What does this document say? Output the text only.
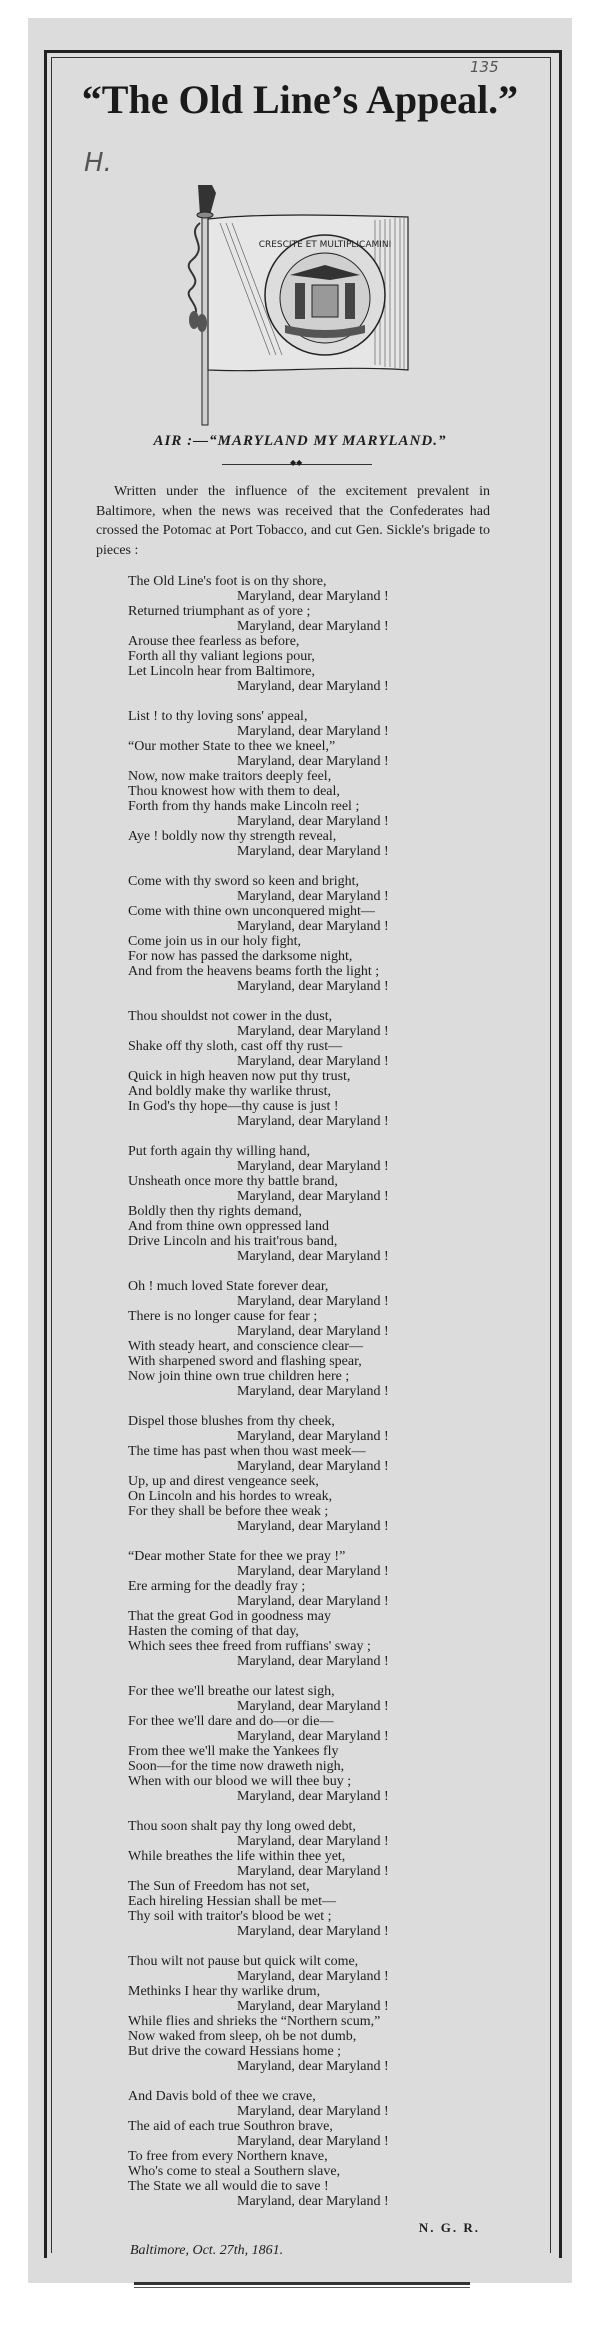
135
H.
“The Old Line’s Appeal.”
CRESCITE ET MULTIPLICAMINI
AIR :—“MARYLAND MY MARYLAND.”
◆◆

Written under the influence of the excitement prevalent in Baltimore, when the news was received that the Confederates had crossed the Potomac at Port Tobacco, and cut Gen. Sickle's brigade to pieces :

The Old Line's foot is on thy shore,
Maryland, dear Maryland !
Returned triumphant as of yore ;
Maryland, dear Maryland !
Arouse thee fearless as before,
Forth all thy valiant legions pour,
Let Lincoln hear from Baltimore,
Maryland, dear Maryland !
List ! to thy loving sons' appeal,
Maryland, dear Maryland !
“Our mother State to thee we kneel,”
Maryland, dear Maryland !
Now, now make traitors deeply feel,
Thou knowest how with them to deal,
Forth from thy hands make Lincoln reel ;
Maryland, dear Maryland !
Aye ! boldly now thy strength reveal,
Maryland, dear Maryland !
Come with thy sword so keen and bright,
Maryland, dear Maryland !
Come with thine own unconquered might—
Maryland, dear Maryland !
Come join us in our holy fight,
For now has passed the darksome night,
And from the heavens beams forth the light ;
Maryland, dear Maryland !
Thou shouldst not cower in the dust,
Maryland, dear Maryland !
Shake off thy sloth, cast off thy rust—
Maryland, dear Maryland !
Quick in high heaven now put thy trust,
And boldly make thy warlike thrust,
In God's thy hope—thy cause is just !
Maryland, dear Maryland !
Put forth again thy willing hand,
Maryland, dear Maryland !
Unsheath once more thy battle brand,
Maryland, dear Maryland !
Boldly then thy rights demand,
And from thine own oppressed land
Drive Lincoln and his trait'rous band,
Maryland, dear Maryland !
Oh ! much loved State forever dear,
Maryland, dear Maryland !
There is no longer cause for fear ;
Maryland, dear Maryland !
With steady heart, and conscience clear—
With sharpened sword and flashing spear,
Now join thine own true children here ;
Maryland, dear Maryland !
Dispel those blushes from thy cheek,
Maryland, dear Maryland !
The time has past when thou wast meek—
Maryland, dear Maryland !
Up, up and direst vengeance seek,
On Lincoln and his hordes to wreak,
For they shall be before thee weak ;
Maryland, dear Maryland !
“Dear mother State for thee we pray !”
Maryland, dear Maryland !
Ere arming for the deadly fray ;
Maryland, dear Maryland !
That the great God in goodness may
Hasten the coming of that day,
Which sees thee freed from ruffians' sway ;
Maryland, dear Maryland !
For thee we'll breathe our latest sigh,
Maryland, dear Maryland !
For thee we'll dare and do—or die—
Maryland, dear Maryland !
From thee we'll make the Yankees fly
Soon—for the time now draweth nigh,
When with our blood we will thee buy ;
Maryland, dear Maryland !
Thou soon shalt pay thy long owed debt,
Maryland, dear Maryland !
While breathes the life within thee yet,
Maryland, dear Maryland !
The Sun of Freedom has not set,
Each hireling Hessian shall be met—
Thy soil with traitor's blood be wet ;
Maryland, dear Maryland !
Thou wilt not pause but quick wilt come,
Maryland, dear Maryland !
Methinks I hear thy warlike drum,
Maryland, dear Maryland !
While flies and shrieks the “Northern scum,”
Now waked from sleep, oh be not dumb,
But drive the coward Hessians home ;
Maryland, dear Maryland !
And Davis bold of thee we crave,
Maryland, dear Maryland !
The aid of each true Southron brave,
Maryland, dear Maryland !
To free from every Northern knave,
Who's come to steal a Southern slave,
The State we all would die to save !
Maryland, dear Maryland !
N. G. R.
Baltimore, Oct. 27th, 1861.
